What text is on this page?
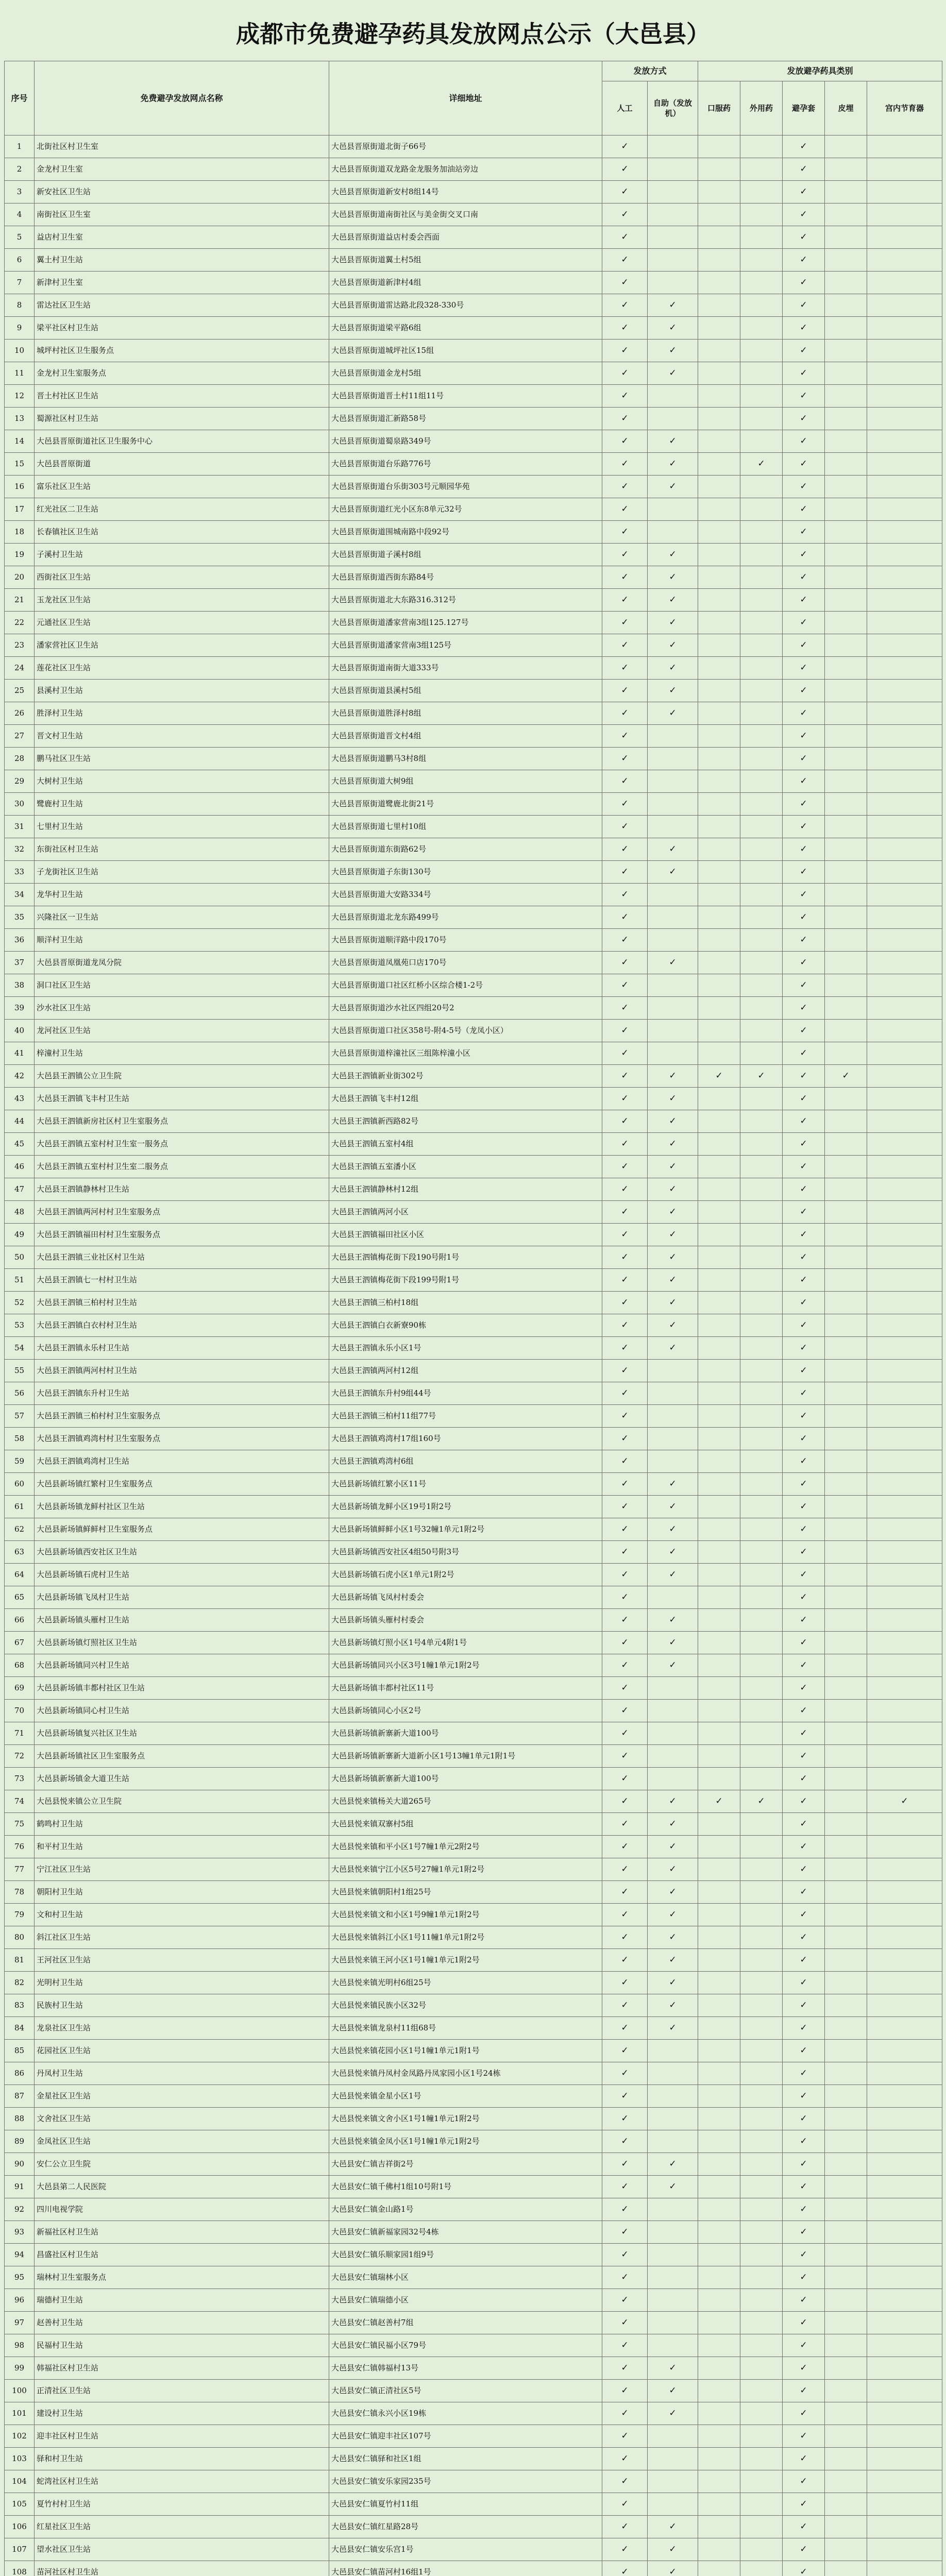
成都市免费避孕药具发放网点公示（大邑县）
序号	免费避孕发放网点名称	详细地址	发放方式		发放避孕药具类别				
			人工	自助（发放机）	口服药	外用药	避孕套	皮埋	宫内节育器
1	北街社区村卫生室	大邑县晋原街道北街子66号	✓				✓		
2	金龙村卫生室	大邑县晋原街道双龙路金龙服务加油站旁边	✓				✓		
3	新安社区卫生站	大邑县晋原街道新安村8组14号	✓				✓		
4	南街社区卫生室	大邑县晋原街道南街社区与美金街交叉口南	✓				✓		
5	益店村卫生室	大邑县晋原街道益店村委会西面	✓				✓		
6	翼土村卫生站	大邑县晋原街道翼土村5组	✓				✓		
7	新津村卫生室	大邑县晋原街道新津村4组	✓				✓		
8	雷达社区卫生站	大邑县晋原街道雷达路北段328-330号	✓	✓			✓		
9	梁平社区村卫生站	大邑县晋原街道梁平路6组	✓	✓			✓		
10	城坪村社区卫生服务点	大邑县晋原街道城坪社区15组	✓	✓			✓		
11	金龙村卫生室服务点	大邑县晋原街道金龙村5组	✓	✓			✓		
12	晋土村社区卫生站	大邑县晋原街道晋土村11组11号	✓				✓		
13	蜀源社区村卫生站	大邑县晋原街道汇新路58号	✓				✓		
14	大邑县晋原街道社区卫生服务中心	大邑县晋原街道蜀泉路349号	✓	✓			✓		
15	大邑县晋原街道	大邑县晋原街道台乐路776号	✓	✓		✓	✓		
16	富乐社区卫生站	大邑县晋原街道台乐街303号元顺园华苑	✓	✓			✓		
17	红光社区二卫生站	大邑县晋原街道红光小区东8单元32号	✓				✓		
18	长春镇社区卫生站	大邑县晋原街道围城南路中段92号	✓				✓		
19	子溪村卫生站	大邑县晋原街道子溪村8组	✓	✓			✓		
20	西街社区卫生站	大邑县晋原街道西街东路84号	✓	✓			✓		
21	玉龙社区卫生站	大邑县晋原街道北大东路316.312号	✓	✓			✓		
22	元通社区卫生站	大邑县晋原街道潘家营南3组125.127号	✓	✓			✓		
23	潘家营社区卫生站	大邑县晋原街道潘家营南3组125号	✓	✓			✓		
24	莲花社区卫生站	大邑县晋原街道南街大道333号	✓	✓			✓		
25	县溪村卫生站	大邑县晋原街道县溪村5组	✓	✓			✓		
26	胜泽村卫生站	大邑县晋原街道胜泽村8组	✓	✓			✓		
27	晋文村卫生站	大邑县晋原街道晋文村4组	✓				✓		
28	鹏马社区卫生站	大邑县晋原街道鹏马3村8组	✓				✓		
29	大树村卫生站	大邑县晋原街道大树9组	✓				✓		
30	鹭鹿村卫生站	大邑县晋原街道鹭鹿北街21号	✓				✓		
31	七里村卫生站	大邑县晋原街道七里村10组	✓				✓		
32	东街社区村卫生站	大邑县晋原街道东街路62号	✓	✓			✓		
33	子龙街社区卫生站	大邑县晋原街道子东街130号	✓	✓			✓		
34	龙华村卫生站	大邑县晋原街道大安路334号	✓				✓		
35	兴隆社区一卫生站	大邑县晋原街道北龙东路499号	✓				✓		
36	顺洋村卫生站	大邑县晋原街道顺洋路中段170号	✓				✓		
37	大邑县晋原街道龙凤分院	大邑县晋原街道凤凰苑口店170号	✓	✓			✓		
38	洞口社区卫生站	大邑县晋原街道口社区红桥小区综合楼1-2号	✓				✓		
39	沙水社区卫生站	大邑县晋原街道沙水社区四组20号2	✓				✓		
40	龙河社区卫生站	大邑县晋原街道口社区358号-附4-5号（龙凤小区）	✓				✓		
41	梓潼村卫生站	大邑县晋原街道梓潼社区三组陈梓潼小区	✓				✓		
42	大邑县王泗镇公立卫生院	大邑县王泗镇新业街302号	✓	✓	✓	✓	✓	✓	
43	大邑县王泗镇飞丰村卫生站	大邑县王泗镇飞丰村12组	✓	✓			✓		
44	大邑县王泗镇新房社区村卫生室服务点	大邑县王泗镇新西路82号	✓	✓			✓		
45	大邑县王泗镇五室村村卫生室一服务点	大邑县王泗镇五室村4组	✓	✓			✓		
46	大邑县王泗镇五室村村卫生室二服务点	大邑县王泗镇五室潘小区	✓	✓			✓		
47	大邑县王泗镇静林村卫生站	大邑县王泗镇静林村12组	✓	✓			✓		
48	大邑县王泗镇两河村村卫生室服务点	大邑县王泗镇两河小区	✓	✓			✓		
49	大邑县王泗镇福田村村卫生室服务点	大邑县王泗镇福田社区小区	✓	✓			✓		
50	大邑县王泗镇三业社区村卫生站	大邑县王泗镇梅花街下段190号附1号	✓	✓			✓		
51	大邑县王泗镇七一村村卫生站	大邑县王泗镇梅花街下段199号附1号	✓	✓			✓		
52	大邑县王泗镇三柏村村卫生站	大邑县王泗镇三柏村18组	✓	✓			✓		
53	大邑县王泗镇白衣村村卫生站	大邑县王泗镇白衣新寮90栋	✓	✓			✓		
54	大邑县王泗镇永乐村卫生站	大邑县王泗镇永乐小区1号	✓	✓			✓		
55	大邑县王泗镇两河村村卫生站	大邑县王泗镇两河村12组	✓				✓		
56	大邑县王泗镇东升村卫生站	大邑县王泗镇东升村9组44号	✓				✓		
57	大邑县王泗镇三柏村村卫生室服务点	大邑县王泗镇三柏村11组77号	✓				✓		
58	大邑县王泗镇鸡湾村村卫生室服务点	大邑县王泗镇鸡湾村17组160号	✓				✓		
59	大邑县王泗镇鸡湾村卫生站	大邑县王泗镇鸡湾村6组	✓				✓		
60	大邑县新场镇红繁村卫生室服务点	大邑县新场镇红繁小区11号	✓	✓			✓		
61	大邑县新场镇龙鲜村社区卫生站	大邑县新场镇龙鲜小区19号1附2号	✓	✓			✓		
62	大邑县新场镇鲜鲜村卫生室服务点	大邑县新场镇鲜鲜小区1号32幢1单元1附2号	✓	✓			✓		
63	大邑县新场镇西安社区卫生站	大邑县新场镇西安社区4组50号附3号	✓	✓			✓		
64	大邑县新场镇石虎村卫生站	大邑县新场镇石虎小区1单元1附2号	✓	✓			✓		
65	大邑县新场镇飞凤村卫生站	大邑县新场镇飞凤村村委会	✓				✓		
66	大邑县新场镇头雁村卫生站	大邑县新场镇头雁村村委会	✓	✓			✓		
67	大邑县新场镇灯照社区卫生站	大邑县新场镇灯照小区1号4单元4附1号	✓	✓			✓		
68	大邑县新场镇同兴村卫生站	大邑县新场镇同兴小区3号1幢1单元1附2号	✓	✓			✓		
69	大邑县新场镇丰都村社区卫生站	大邑县新场镇丰都村社区11号	✓				✓		
70	大邑县新场镇同心村卫生站	大邑县新场镇同心小区2号	✓				✓		
71	大邑县新场镇复兴社区卫生站	大邑县新场镇新寨新大道100号	✓				✓		
72	大邑县新场镇社区卫生室服务点	大邑县新场镇新寨新大道新小区1号13幢1单元1附1号	✓				✓		
73	大邑县新场镇金大道卫生站	大邑县新场镇新寨新大道100号	✓				✓		
74	大邑县悦来镇公立卫生院	大邑县悦来镇杨关大道265号	✓	✓	✓	✓	✓		✓
75	鹤鸣村卫生站	大邑县悦来镇双寨村5组	✓	✓			✓		
76	和平村卫生站	大邑县悦来镇和平小区1号7幢1单元2附2号	✓	✓			✓		
77	宁江社区卫生站	大邑县悦来镇宁江小区5号27幢1单元1附2号	✓	✓			✓		
78	朝阳村卫生站	大邑县悦来镇朝阳村1组25号	✓	✓			✓		
79	文和村卫生站	大邑县悦来镇文和小区1号9幢1单元1附2号	✓	✓			✓		
80	斜江社区卫生站	大邑县悦来镇斜江小区1号11幢1单元1附2号	✓	✓			✓		
81	王河社区卫生站	大邑县悦来镇王河小区1号1幢1单元1附2号	✓	✓			✓		
82	光明村卫生站	大邑县悦来镇光明村6组25号	✓	✓			✓		
83	民族村卫生站	大邑县悦来镇民族小区32号	✓	✓			✓		
84	龙泉社区卫生站	大邑县悦来镇龙泉村11组68号	✓	✓			✓		
85	花园社区卫生站	大邑县悦来镇花园小区1号1幢1单元1附1号	✓				✓		
86	丹凤村卫生站	大邑县悦来镇丹凤村金凤路丹凤家园小区1号24栋	✓				✓		
87	金星社区卫生站	大邑县悦来镇金星小区1号	✓				✓		
88	文舍社区卫生站	大邑县悦来镇文舍小区1号1幢1单元1附2号	✓				✓		
89	金凤社区卫生站	大邑县悦来镇金凤小区1号1幢1单元1附2号	✓				✓		
90	安仁公立卫生院	大邑县安仁镇吉祥街2号	✓	✓			✓		
91	大邑县第二人民医院	大邑县安仁镇千佛村1组10号附1号	✓	✓			✓		
92	四川电视学院	大邑县安仁镇金山路1号	✓				✓		
93	新福社区村卫生站	大邑县安仁镇新福家园32号4栋	✓				✓		
94	昌盛社区村卫生站	大邑县安仁镇乐顺家园1组9号	✓				✓		
95	瑞林村卫生室服务点	大邑县安仁镇瑞林小区	✓				✓		
96	瑞德村卫生站	大邑县安仁镇瑞德小区	✓				✓		
97	赵善村卫生站	大邑县安仁镇赵善村7组	✓				✓		
98	民福村卫生站	大邑县安仁镇民福小区79号	✓				✓		
99	韩福社区村卫生站	大邑县安仁镇韩福村13号	✓	✓			✓		
100	正清社区卫生站	大邑县安仁镇正清社区5号	✓	✓			✓		
101	建设村卫生站	大邑县安仁镇永兴小区19栋	✓	✓			✓		
102	迎丰社区村卫生站	大邑县安仁镇迎丰社区107号	✓				✓		
103	驿和村卫生站	大邑县安仁镇驿和社区1组	✓				✓		
104	蛇湾社区村卫生站	大邑县安仁镇安乐家园235号	✓				✓		
105	夏竹村村卫生站	大邑县安仁镇夏竹村11组	✓				✓		
106	红星社区卫生站	大邑县安仁镇红星路28号	✓	✓			✓		
107	望水社区卫生站	大邑县安仁镇安乐宫1号	✓	✓			✓		
108	苗河社区村卫生站	大邑县安仁镇苗河村16组1号	✓	✓			✓		
